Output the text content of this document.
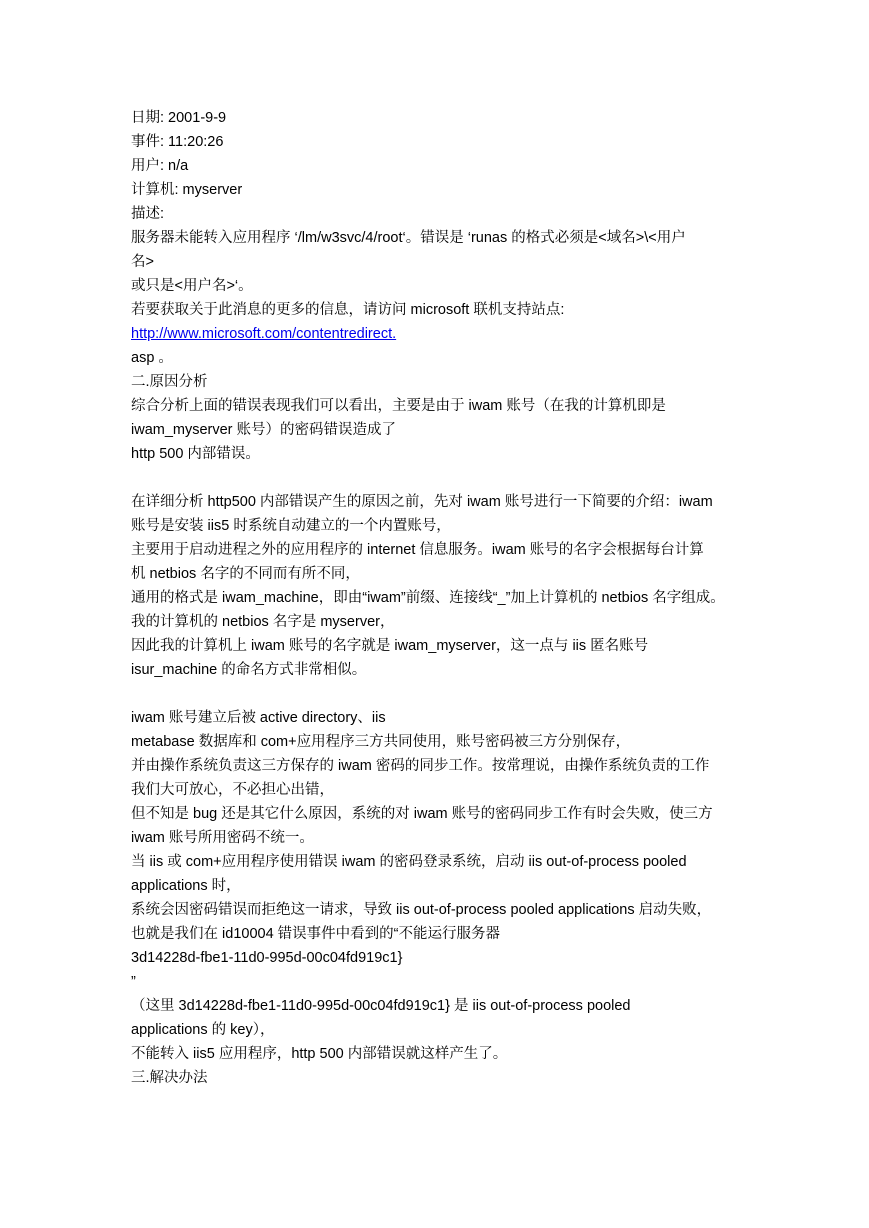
日期: 2001-9-9
事件: 11:20:26
用户: n/a
计算机: myserver
描述:
服务器未能转入应用程序 ‘/lm/w3svc/4/root‘。错误是 ‘runas 的格式必须是<域名>\<用户
名>
或只是<用户名>‘。
若要获取关于此消息的更多的信息，请访问 microsoft 联机支持站点:
http://www.microsoft.com/contentredirect.
asp 。
二.原因分析
综合分析上面的错误表现我们可以看出，主要是由于 iwam 账号（在我的计算机即是
iwam_myserver 账号）的密码错误造成了
http 500 内部错误。
在详细分析 http500 内部错误产生的原因之前，先对 iwam 账号进行一下简要的介绍：iwam
账号是安装 iis5 时系统自动建立的一个内置账号，
主要用于启动进程之外的应用程序的 internet 信息服务。iwam 账号的名字会根据每台计算
机 netbios 名字的不同而有所不同，
通用的格式是 iwam_machine，即由“iwam”前缀、连接线“_”加上计算机的 netbios 名字组成。
我的计算机的 netbios 名字是 myserver，
因此我的计算机上 iwam 账号的名字就是 iwam_myserver，这一点与 iis 匿名账号
isur_machine 的命名方式非常相似。
iwam 账号建立后被 active directory、iis
metabase 数据库和 com+应用程序三方共同使用，账号密码被三方分别保存，
并由操作系统负责这三方保存的 iwam 密码的同步工作。按常理说，由操作系统负责的工作
我们大可放心，不必担心出错，
但不知是 bug 还是其它什么原因，系统的对 iwam 账号的密码同步工作有时会失败，使三方
iwam 账号所用密码不统一。
当 iis 或 com+应用程序使用错误 iwam 的密码登录系统，启动 iis out-of-process pooled
applications 时，
系统会因密码错误而拒绝这一请求，导致 iis out-of-process pooled applications 启动失败，
也就是我们在 id10004 错误事件中看到的“不能运行服务器
3d14228d-fbe1-11d0-995d-00c04fd919c1}
”
（这里 3d14228d-fbe1-11d0-995d-00c04fd919c1} 是 iis out-of-process pooled
applications 的 key），
不能转入 iis5 应用程序，http 500 内部错误就这样产生了。
三.解决办法
